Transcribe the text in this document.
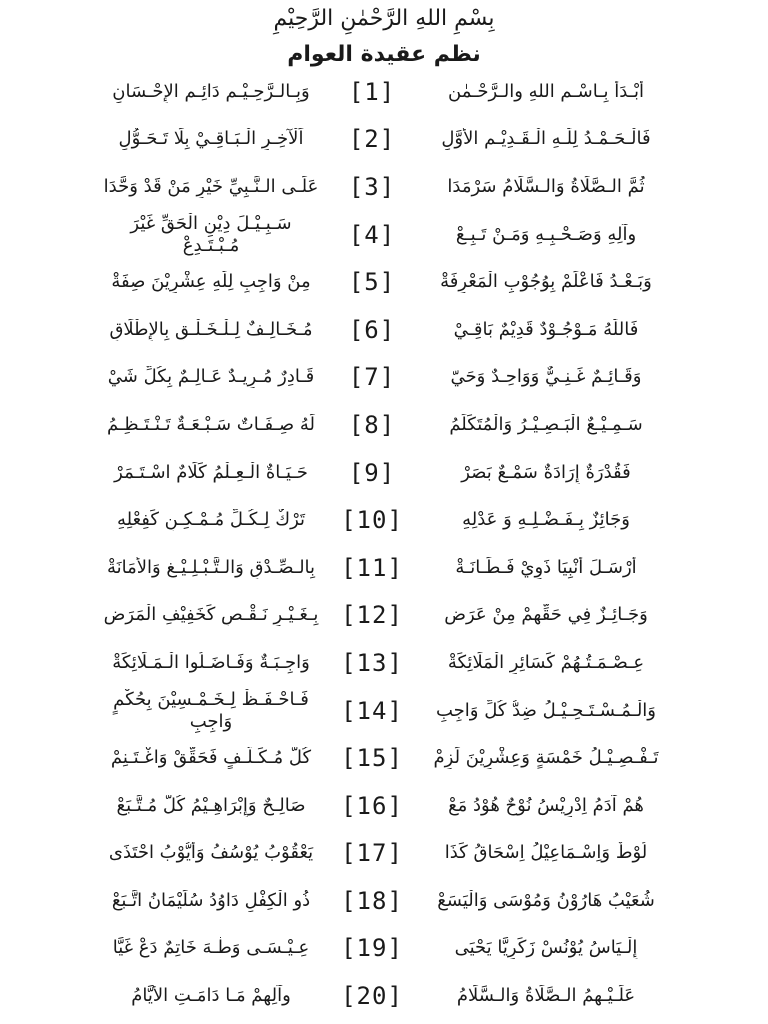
بِسْمِ اللهِ الرَّحْمٰنِ الرَّحِيْمِ
نظم عقيدة العوام
وَبِـالـرَّحِـيْـمِ دَائِـمِ الإِحْـسَانِ	[1]	أَبْـدَأُ بِـاسْـمِ اللهِ والـرَّحْـمٰنِ
اَلْآخِـرِ الْـبَـاقِـيْ بِلَا تَـحَـوُّلِ	[2]	فَالْـحَـمْـدُ لِلّٰـهِ الْـقَـدِيْـمِ الأَوَّلِ
عَلَـى الـنَّـبِيِّ خَيْرِ مَنْ قَدْ وَحَّدَا	[3]	ثُمَّ الـصَّلَاةُ وَالـسَّلَامُ سَرْمَدَا
سَـبِـيْـلَ دِيْنِ الْحَقِّ غَيْرَ مُـبْـتَـدِعْ	[4]	وآلِهِ وَصَـحْـبِـهِ وَمَـنْ تَـبِـعْ
مِنْ وَاجِبٍ لِلّٰهِ عِشْرِيْنَ صِفَةْ	[5]	وَبَـعْـدُ فَاعْلَمْ بِوُجُوْبِ الْمَعْرِفَةْ
مُـخَـالِـفٌ لِـلْـخَـلْـقِ بِالإِطْلَاقِ	[6]	فَاللّٰهُ مَـوْجُـوْدٌ قَدِيْمٌ بَاقِـيْ
قَـادِرٌ مُـرِيـدٌ عَـالِـمٌ بِكُلِّ شَيْ	[7]	وَقَـائِـمٌ غَـنِـيٌّ وَوَاحِـدٌ وَحَيّ
لَهُ صِـفَـاتٌ سَـبْـعَـةٌ تَـنْـتَـظِـمُ	[8]	سَـمِـيْـعٌ الْبَـصِـيْـرُ وَالْمُتَكَلِّمُ
حَـيَـاةٌ الْـعِـلْمُ كَلَامٌ اسْـتَـمَرْ	[9]	فَقُدْرَةٌ إِرَادَةٌ سَمْـعٌ بَصَرْ
تَرْكٌ لِـكُـلِّ مُـمْـكِـنٍ كَفِعْلِهِ	[10]	وَجَائِزٌ بِـفَـضْـلِـهِ وَ عَدْلِهِ
بِالـصِّـدْقِ وَالـتَّـبْـلِـيْـغِ وَالأَمَانَةْ	[11]	أَرْسَـلَ أَنْبِيَا ذَوِيْ فَـطَـانَـةْ
بِـغَـيْـرِ نَـقْـصٍ كَخَفِيْفِ الْمَرَضِ [12]	وَجَـائِـزٌ فِي حَقِّهِمْ مِنْ عَرَضِ
وَاجِـبَـةٌ وَفَـاضَـلُوا الْـمَـلَائِكَةْ	[13]	عِـصْـمَـتُـهُمْ كَسَائِرِ الْمَلَائِكَةْ
فَـاحْـفَـظْ لِـخَـمْـسِيْنَ بِحُكْمٍ وَاجِبِ	[14]	وَالْـمُـسْـتَـحِـيْـلُ ضِدُّ كُلِّ وَاجِبِ
كُلَّ مُـكَـلَّـفٍ فَحَقِّقْ وَاغْـتَـنِمْ	[15]	تَـفْـصِـيْـلُ خَمْسَةٍ وَعِشْرِيْنَ لَزِمْ
صَالِـحٌ وَإِبْرَاهِـيْمُ كُلٌّ مُـتَّـبَعْ	[16]	هُمْ آدَمُ اِدْرِيْسُ نُوْحٌ هُوْدُ مَعْ
يَعْقُوْبُ يُوْسُفُ وَأَيُّوْبُ احْتَذَى	[17]	لُوْطٌ وَاِسْـمَاعِيْلُ اِسْحَاقُ كَذَا
ذُو الْكِفْلِ دَاوُدُ سُلَيْمَانُ اتَّـبَعْ	[18]	شُعَيْبُ هَارُوْنُ وَمُوْسَى وَالْيَسَعْ
عِـيْـسَـى وَطٰـهَ خَاتِمٌ دَعْ غَيَّا	[19]	إِلْـيَاسُ يُوْنُسْ زَكَرِيَّا يَحْيَى
وآلِهِمْ مَـا دَامَـتِ الأَيَّامُ	[20]	عَلَـيْـهِمُ الـصَّلَاةُ وَالـسَّلَامُ
